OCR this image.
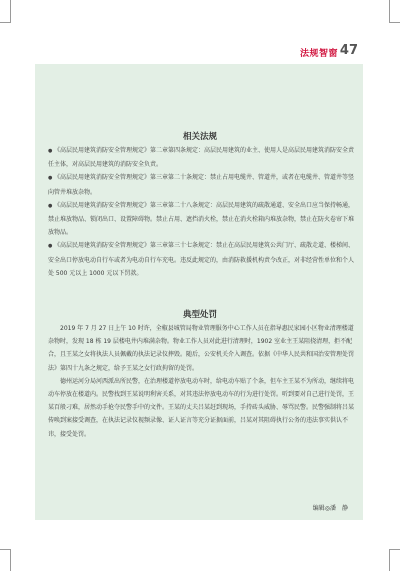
法规智窗 47
相关法规

● 《高层民用建筑消防安全管理规定》第二章第四条规定：高层民用建筑的业主、使用人是高层民用建筑消防安全责任主体，对高层民用建筑的消防安全负责。

● 《高层民用建筑消防安全管理规定》第三章第二十条规定：禁止占用电缆井、管道井，或者在电缆井、管道井等竖向管井堆放杂物。

● 《高层民用建筑消防安全管理规定》第三章第二十八条规定：高层民用建筑的疏散通道、安全出口应当保持畅通，禁止堆放物品、锁闭出口、设置障碍物。禁止占用、遮挡消火栓，禁止在消火栓箱内堆放杂物，禁止在防火卷帘下堆放物品。

● 《高层民用建筑消防安全管理规定》第三章第三十七条规定：禁止在高层民用建筑公共门厅、疏散走道、楼梯间、安全出口停放电动自行车或者为电动自行车充电。违反此规定的，由消防救援机构责令改正，对非经营性单位和个人处 500 元以上 1000 元以下罚款。

典型处罚

2019 年 7 月 27 日上午 10 时许，全椒县城管局物业管理服务中心工作人员在指导惠民家园小区物业清理楼道杂物时，发现 18 栋 19 层楼电井内堆满杂物。物业工作人员对此进行清理时，1902 室业主王某阻挠清理，拒不配合，且王某之女将执法人员佩戴的执法记录仪摔毁。随后，公安机关介入调查。依据《中华人民共和国治安管理处罚法》第四十九条之规定，给予王某之女行政拘留的处罚。

德州运河分局河西派出所民警，在治理楼道停放电动车时，给电动车贴了个条，但车主王某不为所动，继续将电动车停放在楼道内。民警找到王某说明利害关系，对其违法停放电动车的行为进行处罚。听到要对自己进行处罚，王某百般刁难，居然动手抢夺民警手中的文件。王某的丈夫吕某赶到现场，手持砖头威胁、辱骂民警。民警强制将吕某传唤到案接受调查，在执法记录仪视频录像、证人证言等充分证据面前，吕某对其阻碍执行公务的违法事实供认不讳，接受处罚。

编辑◎潘　静
